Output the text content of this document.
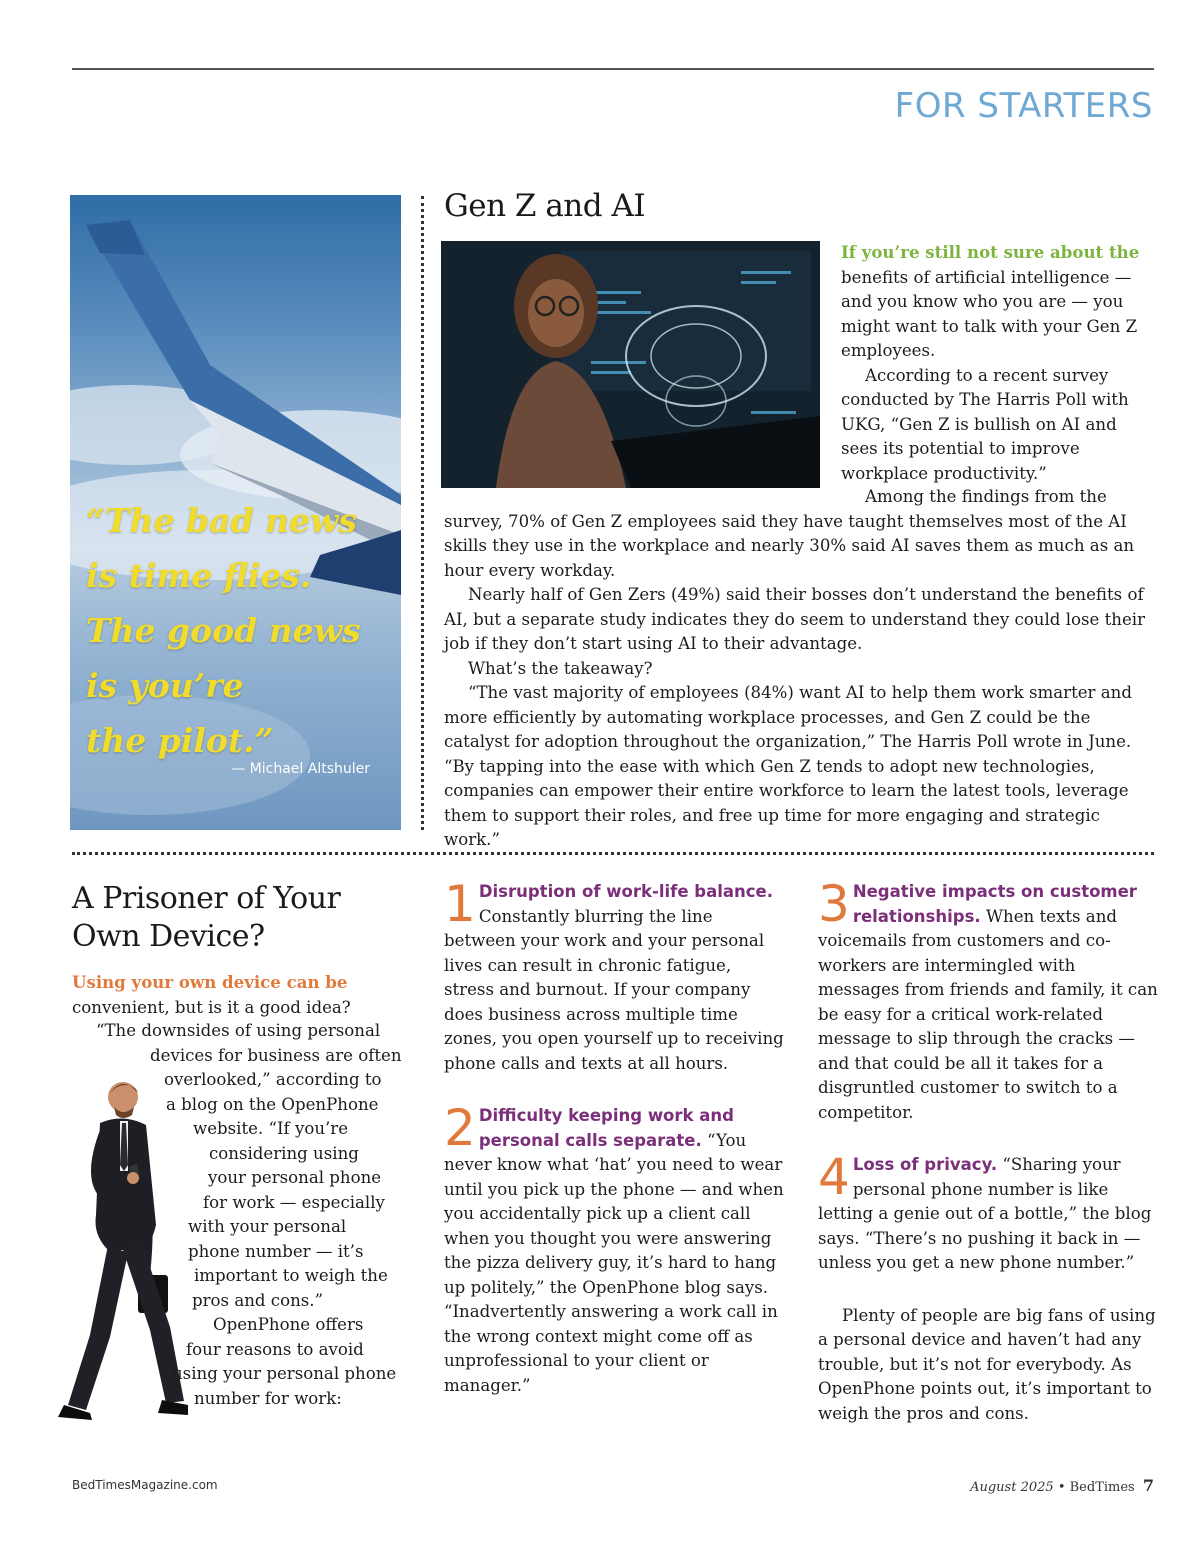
FOR STARTERS
“The bad news
is time flies.
The good news
is you’re
the pilot.”
— Michael Altshuler
Gen Z and AI

If you’re still not sure about the benefits of artificial intelligence — and you know who you are — you might want to talk with your Gen Z employees.

According to a recent survey conducted by The Harris Poll with UKG, “Gen Z is bullish on AI and sees its potential to improve workplace productivity.”

Among the findings from the survey, 70% of Gen Z employees said they have taught themselves most of the AI skills they use in the workplace and nearly 30% said AI saves them as much as an hour every workday.

Nearly half of Gen Zers (49%) said their bosses don’t understand the benefits of AI, but a separate study indicates they do seem to understand they could lose their job if they don’t start using AI to their advantage.

What’s the takeaway?

“The vast majority of employees (84%) want AI to help them work smarter and more efficiently by automating workplace processes, and Gen Z could be the catalyst for adoption throughout the organization,” The Harris Poll wrote in June. “By tapping into the ease with which Gen Z tends to adopt new technologies, companies can empower their entire workforce to learn the latest tools, leverage them to support their roles, and free up time for more engaging and strategic work.”

A Prisoner of Your Own Device?
Using your own device can be
convenient, but is it a good idea?
“The downsides of using personal
devices for business are often
overlooked,” according to
a blog on the OpenPhone
website. “If you’re
considering using
your personal phone
for work — especially
with your personal
phone number — it’s
important to weigh the
pros and cons.”
OpenPhone offers
four reasons to avoid
using your personal phone
number for work:
1 Disruption of work-life balance. Constantly blurring the line between your work and your personal lives can result in chronic fatigue, stress and burnout. If your company does business across multiple time zones, you open yourself up to receiving phone calls and texts at all hours.
2 Difficulty keeping work and personal calls separate. “You never know what ‘hat’ you need to wear until you pick up the phone — and when you accidentally pick up a client call when you thought you were answering the pizza delivery guy, it’s hard to hang up politely,” the OpenPhone blog says. “Inadvertently answering a work call in the wrong context might come off as unprofessional to your client or manager.”
3 Negative impacts on customer relationships. When texts and voicemails from customers and co-workers are intermingled with messages from friends and family, it can be easy for a critical work-related message to slip through the cracks — and that could be all it takes for a disgruntled customer to switch to a competitor.
4 Loss of privacy. “Sharing your personal phone number is like letting a genie out of a bottle,” the blog says. “There’s no pushing it back in — unless you get a new phone number.”

Plenty of people are big fans of using a personal device and haven’t had any trouble, but it’s not for everybody. As OpenPhone points out, it’s important to weigh the pros and cons.

BedTimesMagazine.com	August 2025 • BedTimes 7
